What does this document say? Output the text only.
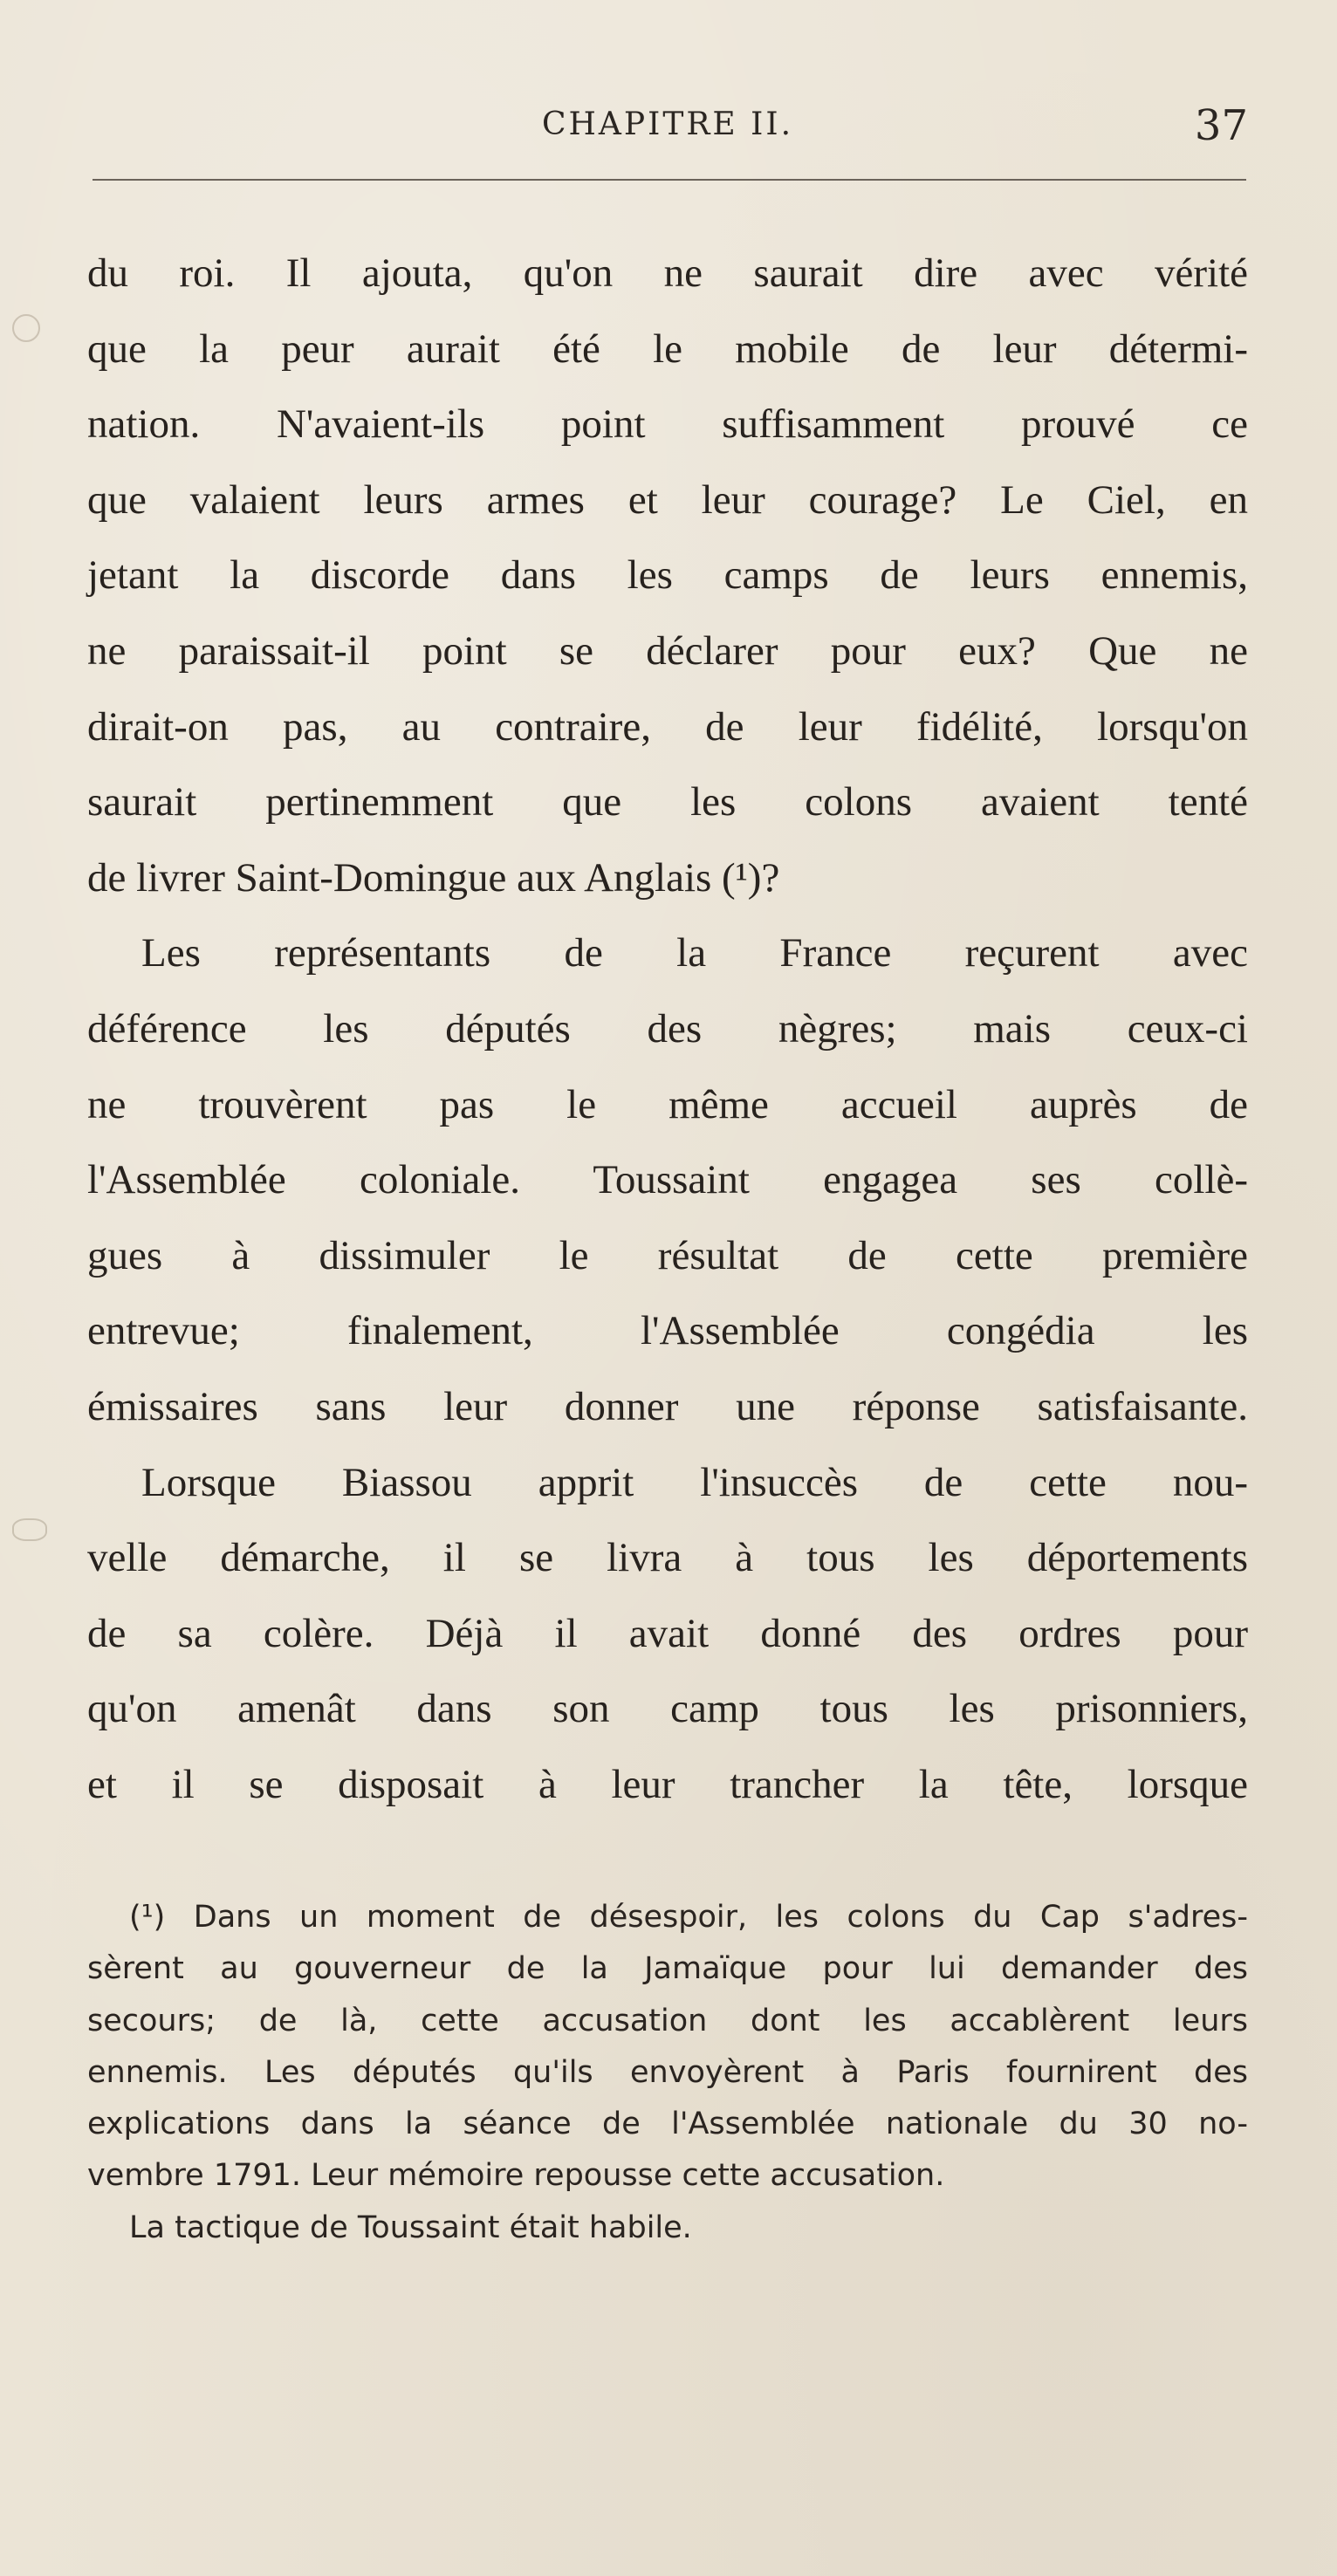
CHAPITRE II.	37
du roi. Il ajouta, qu'on ne saurait dire avec vérité
que la peur aurait été le mobile de leur détermi-
nation. N'avaient-ils point suffisamment prouvé ce
que valaient leurs armes et leur courage? Le Ciel, en
jetant la discorde dans les camps de leurs ennemis,
ne paraissait-il point se déclarer pour eux? Que ne
dirait-on pas, au contraire, de leur fidélité, lorsqu'on
saurait pertinemment que les colons avaient tenté
de livrer Saint-Domingue aux Anglais (¹)?
Les représentants de la France reçurent avec
déférence les députés des nègres; mais ceux-ci
ne trouvèrent pas le même accueil auprès de
l'Assemblée coloniale. Toussaint engagea ses collè-
gues à dissimuler le résultat de cette première
entrevue; finalement, l'Assemblée congédia les
émissaires sans leur donner une réponse satisfaisante.
Lorsque Biassou apprit l'insuccès de cette nou-
velle démarche, il se livra à tous les déportements
de sa colère. Déjà il avait donné des ordres pour
qu'on amenât dans son camp tous les prisonniers,
et il se disposait à leur trancher la tête, lorsque
(¹) Dans un moment de désespoir, les colons du Cap s'adres-
sèrent au gouverneur de la Jamaïque pour lui demander des
secours; de là, cette accusation dont les accablèrent leurs
ennemis. Les députés qu'ils envoyèrent à Paris fournirent des
explications dans la séance de l'Assemblée nationale du 30 no-
vembre 1791. Leur mémoire repousse cette accusation.
La tactique de Toussaint était habile.
